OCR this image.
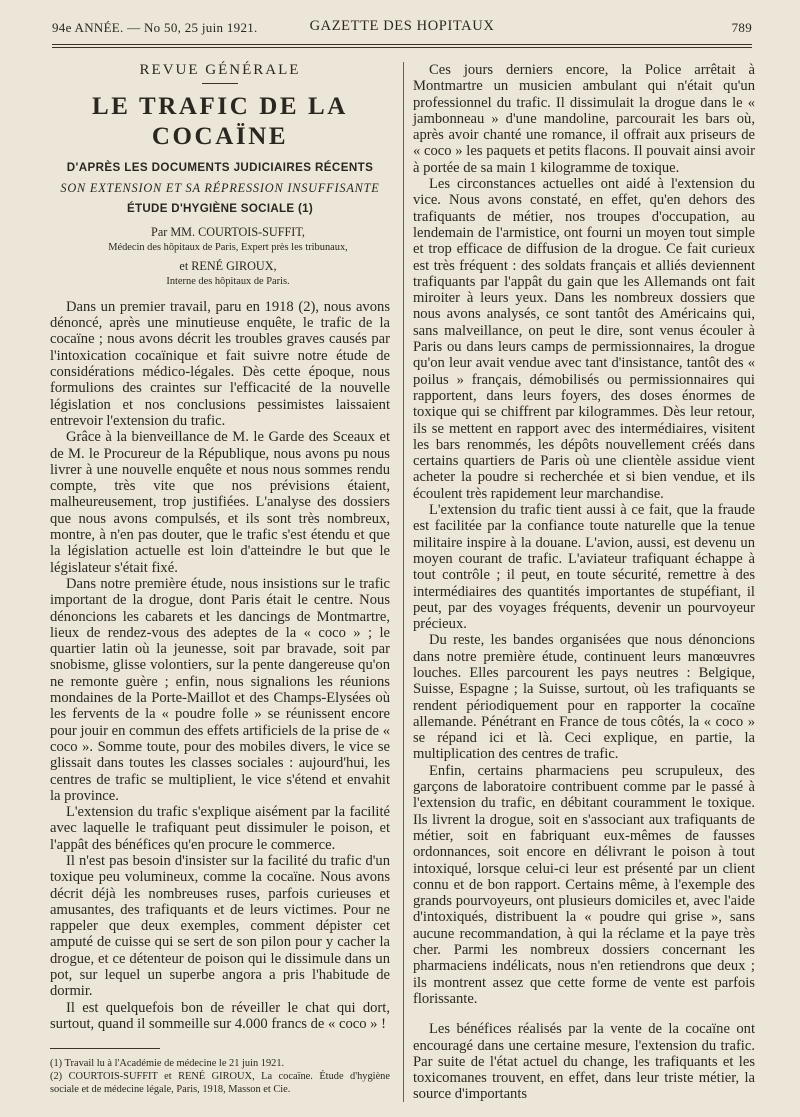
94e ANNÉE. — No 50, 25 juin 1921.	GAZETTE DES HOPITAUX	789

REVUE GÉNÉRALE

LE TRAFIC DE LA COCAÏNE
D'APRÈS LES DOCUMENTS JUDICIAIRES RÉCENTS
SON EXTENSION ET SA RÉPRESSION INSUFFISANTE
ÉTUDE D'HYGIÈNE SOCIALE (1)

Par MM. COURTOIS-SUFFIT,

Médecin des hôpitaux de Paris, Expert près les tribunaux,

et RENÉ GIROUX,

Interne des hôpitaux de Paris.

Dans un premier travail, paru en 1918 (2), nous avons dénoncé, après une minutieuse enquête, le trafic de la cocaïne ; nous avons décrit les troubles graves causés par l'intoxication cocaïnique et fait suivre notre étude de considérations médico-légales. Dès cette époque, nous formulions des craintes sur l'efficacité de la nouvelle législation et nos conclusions pessimistes laissaient entrevoir l'extension du trafic.

Grâce à la bienveillance de M. le Garde des Sceaux et de M. le Procureur de la République, nous avons pu nous livrer à une nouvelle enquête et nous nous sommes rendu compte, très vite que nos prévisions étaient, malheureusement, trop justifiées. L'analyse des dossiers que nous avons compulsés, et ils sont très nombreux, montre, à n'en pas douter, que le trafic s'est étendu et que la législation actuelle est loin d'atteindre le but que le législateur s'était fixé.

Dans notre première étude, nous insistions sur le trafic important de la drogue, dont Paris était le centre. Nous dénoncions les cabarets et les dancings de Montmartre, lieux de rendez-vous des adeptes de la « coco » ; le quartier latin où la jeunesse, soit par bravade, soit par snobisme, glisse volontiers, sur la pente dangereuse qu'on ne remonte guère ; enfin, nous signalions les réunions mondaines de la Porte-Maillot et des Champs-Elysées où les fervents de la « poudre folle » se réunissent encore pour jouir en commun des effets artificiels de la prise de « coco ». Somme toute, pour des mobiles divers, le vice se glissait dans toutes les classes sociales : aujourd'hui, les centres de trafic se multiplient, le vice s'étend et envahit la province.

L'extension du trafic s'explique aisément par la facilité avec laquelle le trafiquant peut dissimuler le poison, et l'appât des bénéfices qu'en procure le commerce.

Il n'est pas besoin d'insister sur la facilité du trafic d'un toxique peu volumineux, comme la cocaïne. Nous avons décrit déjà les nombreuses ruses, parfois curieuses et amusantes, des trafiquants et de leurs victimes. Pour ne rappeler que deux exemples, comment dépister cet amputé de cuisse qui se sert de son pilon pour y cacher la drogue, et ce détenteur de poison qui le dissimule dans un pot, sur lequel un superbe angora a pris l'habitude de dormir.

Il est quelquefois bon de réveiller le chat qui dort, surtout, quand il sommeille sur 4.000 francs de « coco » !

(1) Travail lu à l'Académie de médecine le 21 juin 1921.

(2) COURTOIS-SUFFIT et RENÉ GIROUX, La cocaïne. Étude d'hygiène sociale et de médecine légale, Paris, 1918, Masson et Cie.

Ces jours derniers encore, la Police arrêtait à Montmartre un musicien ambulant qui n'était qu'un professionnel du trafic. Il dissimulait la drogue dans le « jambonneau » d'une mandoline, parcourait les bars où, après avoir chanté une romance, il offrait aux priseurs de « coco » les paquets et petits flacons. Il pouvait ainsi avoir à portée de sa main 1 kilogramme de toxique.

Les circonstances actuelles ont aidé à l'extension du vice. Nous avons constaté, en effet, qu'en dehors des trafiquants de métier, nos troupes d'occupation, au lendemain de l'armistice, ont fourni un moyen tout simple et trop efficace de diffusion de la drogue. Ce fait curieux est très fréquent : des soldats français et alliés deviennent trafiquants par l'appât du gain que les Allemands ont fait miroiter à leurs yeux. Dans les nombreux dossiers que nous avons analysés, ce sont tantôt des Américains qui, sans malveillance, on peut le dire, sont venus écouler à Paris ou dans leurs camps de permissionnaires, la drogue qu'on leur avait vendue avec tant d'insistance, tantôt des « poilus » français, démobilisés ou permissionnaires qui rapportent, dans leurs foyers, des doses énormes de toxique qui se chiffrent par kilogrammes. Dès leur retour, ils se mettent en rapport avec des intermédiaires, visitent les bars renommés, les dépôts nouvellement créés dans certains quartiers de Paris où une clientèle assidue vient acheter la poudre si recherchée et si bien vendue, et ils écoulent très rapidement leur marchandise.

L'extension du trafic tient aussi à ce fait, que la fraude est facilitée par la confiance toute naturelle que la tenue militaire inspire à la douane. L'avion, aussi, est devenu un moyen courant de trafic. L'aviateur trafiquant échappe à tout contrôle ; il peut, en toute sécurité, remettre à des intermédiaires des quantités importantes de stupéfiant, il peut, par des voyages fréquents, devenir un pourvoyeur précieux.

Du reste, les bandes organisées que nous dénoncions dans notre première étude, continuent leurs manœuvres louches. Elles parcourent les pays neutres : Belgique, Suisse, Espagne ; la Suisse, surtout, où les trafiquants se rendent périodiquement pour en rapporter la cocaïne allemande. Pénétrant en France de tous côtés, la « coco » se répand ici et là. Ceci explique, en partie, la multiplication des centres de trafic.

Enfin, certains pharmaciens peu scrupuleux, des garçons de laboratoire contribuent comme par le passé à l'extension du trafic, en débitant couramment le toxique. Ils livrent la drogue, soit en s'associant aux trafiquants de métier, soit en fabriquant eux-mêmes de fausses ordonnances, soit encore en délivrant le poison à tout intoxiqué, lorsque celui-ci leur est présenté par un client connu et de bon rapport. Certains même, à l'exemple des grands pourvoyeurs, ont plusieurs domiciles et, avec l'aide d'intoxiqués, distribuent la « poudre qui grise », sans aucune recommandation, à qui la réclame et la paye très cher. Parmi les nombreux dossiers concernant les pharmaciens indélicats, nous n'en retiendrons que deux ; ils montrent assez que cette forme de vente est parfois florissante.

Les bénéfices réalisés par la vente de la cocaïne ont encouragé dans une certaine mesure, l'extension du trafic. Par suite de l'état actuel du change, les trafiquants et les toxicomanes trouvent, en effet, dans leur triste métier, la source d'importants
